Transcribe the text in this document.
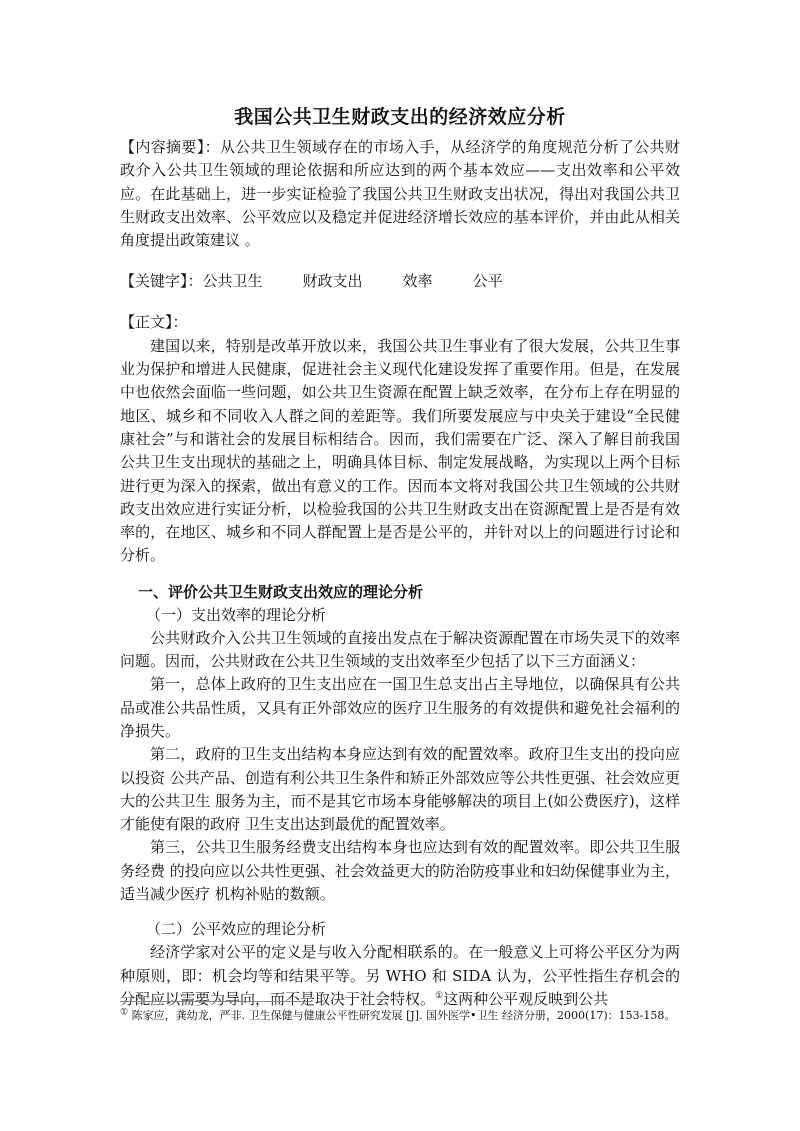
我国公共卫生财政支出的经济效应分析

【内容摘要】：从公共卫生领域存在的市场入手，从经济学的角度规范分析了公共财政介入公共卫生领域的理论依据和所应达到的两个基本效应——支出效率和公平效应。在此基础上，进一步实证检验了我国公共卫生财政支出状况，得出对我国公共卫生财政支出效率、公平效应以及稳定并促进经济增长效应的基本评价，并由此从相关角度提出政策建议 。

【关键字】：公共卫生	财政支出	效率	公平

【正文】：

建国以来，特别是改革开放以来，我国公共卫生事业有了很大发展，公共卫生事业为保护和增进人民健康，促进社会主义现代化建设发挥了重要作用。但是，在发展中也依然会面临一些问题，如公共卫生资源在配置上缺乏效率，在分布上存在明显的地区、城乡和不同收入人群之间的差距等。我们所要发展应与中央关于建设“全民健康社会”与和谐社会的发展目标相结合。因而，我们需要在广泛、深入了解目前我国公共卫生支出现状的基础之上，明确具体目标、制定发展战略，为实现以上两个目标进行更为深入的探索，做出有意义的工作。因而本文将对我国公共卫生领域的公共财政支出效应进行实证分析，以检验我国的公共卫生财政支出在资源配置上是否是有效率的，在地区、城乡和不同人群配置上是否是公平的，并针对以上的问题进行讨论和分析。

一、评价公共卫生财政支出效应的理论分析
（一）支出效率的理论分析

公共财政介入公共卫生领域的直接出发点在于解决资源配置在市场失灵下的效率问题。因而，公共财政在公共卫生领域的支出效率至少包括了以下三方面涵义：

第一，总体上政府的卫生支出应在一国卫生总支出占主导地位，以确保具有公共品或准公共品性质，又具有正外部效应的医疗卫生服务的有效提供和避免社会福利的净损失。

第二，政府的卫生支出结构本身应达到有效的配置效率。政府卫生支出的投向应以投资 公共产品、创造有利公共卫生条件和矫正外部效应等公共性更强、社会效应更大的公共卫生 服务为主，而不是其它市场本身能够解决的项目上(如公费医疗)，这样才能使有限的政府 卫生支出达到最优的配置效率。

第三，公共卫生服务经费支出结构本身也应达到有效的配置效率。即公共卫生服务经费 的投向应以公共性更强、社会效益更大的防治防疫事业和妇幼保健事业为主，适当减少医疗 机构补贴的数额。

（二）公平效应的理论分析

经济学家对公平的定义是与收入分配相联系的。在一般意义上可将公平区分为两种原则，即：机会均等和结果平等。另 WHO 和 SIDA 认为，公平性指生存机会的分配应以需要为导向，而不是取决于社会特权。①这两种公平观反映到公共

① 陈家应，龚幼龙，严非. 卫生保健与健康公平性研究发展 [J]. 国外医学•卫生 经济分册，2000(17)：153-158。
